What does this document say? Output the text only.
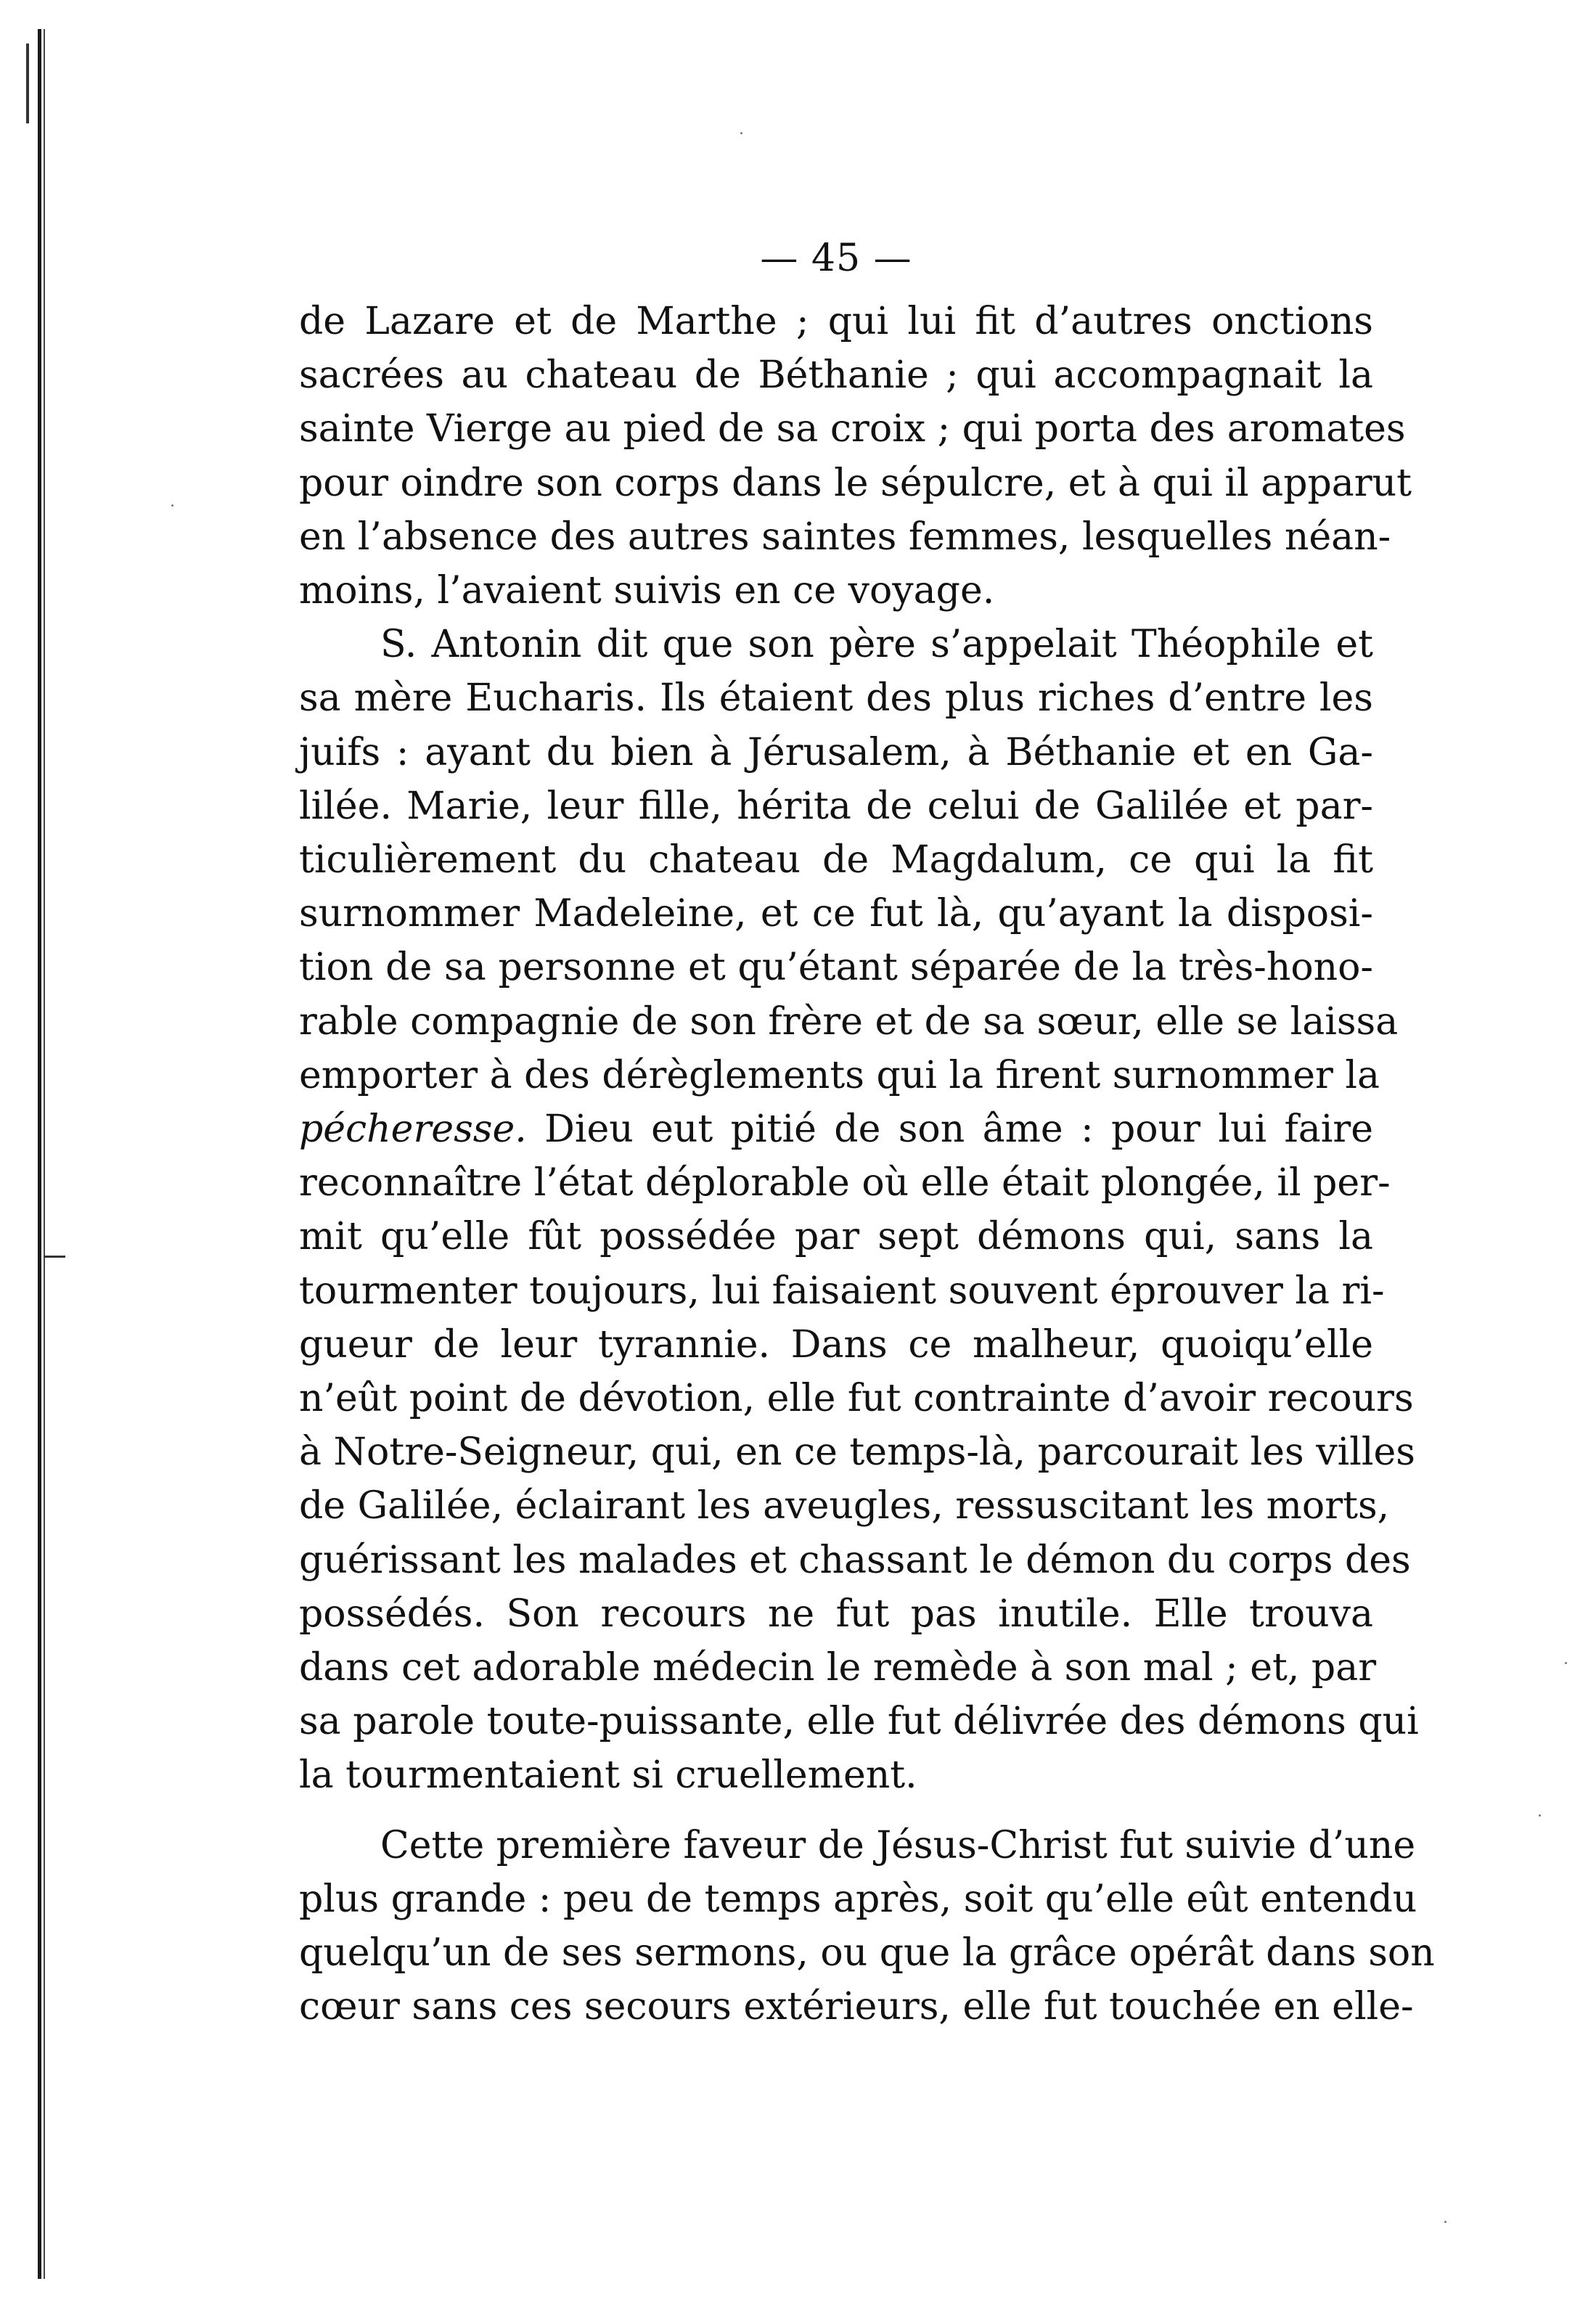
— 45 —

de Lazare et de Marthe ; qui lui fit d’autres onctions
sacrées au chateau de Béthanie ; qui accompagnait la
sainte Vierge au pied de sa croix ; qui porta des aromates
pour oindre son corps dans le sépulcre, et à qui il apparut
en l’absence des autres saintes femmes, lesquelles néan-
moins, l’avaient suivis en ce voyage.

S. Antonin dit que son père s’appelait Théophile et
sa mère Eucharis. Ils étaient des plus riches d’entre les
juifs : ayant du bien à Jérusalem, à Béthanie et en Ga-
lilée. Marie, leur fille, hérita de celui de Galilée et par-
ticulièrement du chateau de Magdalum, ce qui la fit
surnommer Madeleine, et ce fut là, qu’ayant la disposi-
tion de sa personne et qu’étant séparée de la très-hono-
rable compagnie de son frère et de sa sœur, elle se laissa
emporter à des dérèglements qui la firent surnommer la
pécheresse. Dieu eut pitié de son âme : pour lui faire
reconnaître l’état déplorable où elle était plongée, il per-
mit qu’elle fût possédée par sept démons qui, sans la
tourmenter toujours, lui faisaient souvent éprouver la ri-
gueur de leur tyrannie. Dans ce malheur, quoiqu’elle
n’eût point de dévotion, elle fut contrainte d’avoir recours
à Notre-Seigneur, qui, en ce temps-là, parcourait les villes
de Galilée, éclairant les aveugles, ressuscitant les morts,
guérissant les malades et chassant le démon du corps des
possédés. Son recours ne fut pas inutile. Elle trouva
dans cet adorable médecin le remède à son mal ; et, par
sa parole toute-puissante, elle fut délivrée des démons qui
la tourmentaient si cruellement.

Cette première faveur de Jésus-Christ fut suivie d’une
plus grande : peu de temps après, soit qu’elle eût entendu
quelqu’un de ses sermons, ou que la grâce opérât dans son
cœur sans ces secours extérieurs, elle fut touchée en elle-
